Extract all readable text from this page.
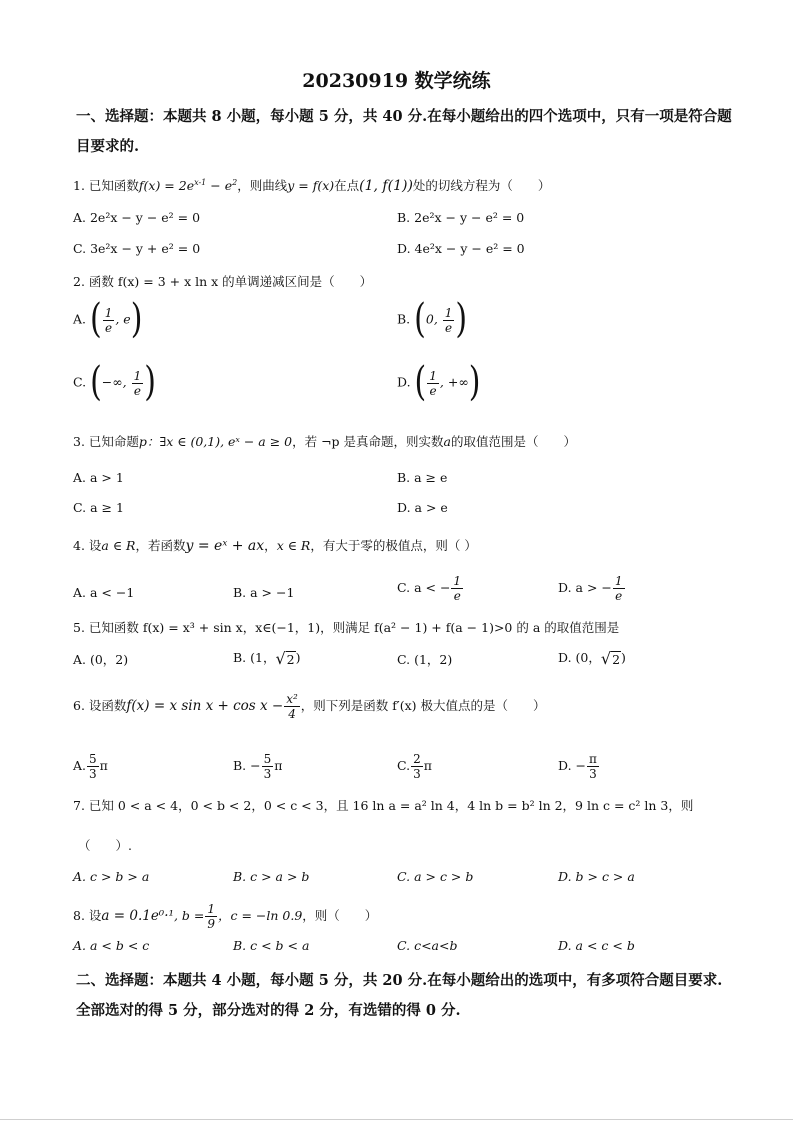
20230919 数学统练
一、选择题：本题共 8 小题，每小题 5 分，共 40 分.在每小题给出的四个选项中，只有一项是符合题目要求的.
1. 已知函数$f(x) = 2e^{x-1} - e^2$，则曲线y = f(x)在点(1, f(1))处的切线方程为（　　）
A. 2e²x − y − e² = 0	B. 2e²x − y − e² = 0
C. 3e²x − y + e² = 0	D. 4e²x − y − e² = 0
2. 函数 f(x) = 3 + x ln x 的单调递减区间是（　　）
A. ( $\frac{1}{e}$ , e)	B. (0, $\frac{1}{e}$ )
C. (−∞, $\frac{1}{e}$ )	D. ( $\frac{1}{e}$ , +∞)
3. 已知命题p：∃x ∈ (0,1), eˣ − a ≥ 0，若 ¬p 是真命题，则实数a的取值范围是（　　）
A. a > 1	B. a ≥ e
C. a ≥ 1	D. a > e
4. 设a ∈ R，若函数y = eˣ + ax，x ∈ R，有大于零的极值点，则（ ）
A. a < −1	B. a > −1	C. a < − $\frac{1}{e}$	D. a > − $\frac{1}{e}$
5. 已知函数 f(x) = x³ + sin x，x∈(−1，1)，则满足 f(a² − 1) + f(a − 1)>0 的 a 的取值范围是
A. (0，2)	B. (1，√2)	C. (1，2)	D. (0，√2)
6. 设函数f(x) = x $\sin x + \cos x - \frac{\text{x²}}{4}$ ，则下列是函数 f′(x) 极大值点的是（　　）
A. $\frac{5}{3}$ π	B. − $\frac{5}{3}$ π	C. $\frac{2}{3}$ π	D. − $\frac{\pi}{3}$
7. 已知 0 < a < 4，0 < b < 2，0 < c < 3，且 16 ln a = a² ln 4，4 ln b = b² ln 2，9 ln c = c² ln 3，则
（　　）.
A. c > b > a	B. c > a > b	C. a > c > b	D. b > c > a
8. 设a = 0.1e⁰·¹, $b = \frac{1}{9}$ ，c = −ln 0.9，则（　　）
A. a < b < c	B. c < b < a	C. c<a<b	D. a < c < b
二、选择题：本题共 4 小题，每小题 5 分，共 20 分.在每小题给出的选项中，有多项符合题目要求.全部选对的得 5 分，部分选对的得 2 分，有选错的得 0 分.
